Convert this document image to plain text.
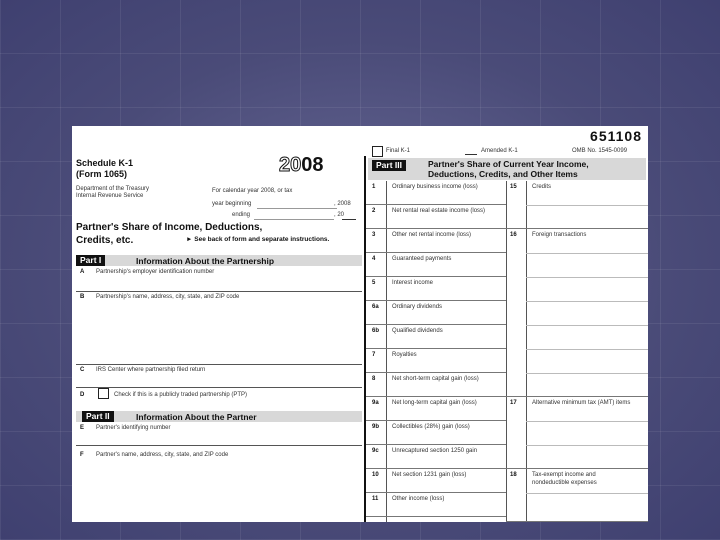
651108
Final K-1	Amended K-1	OMB No. 1545-0099
Schedule K-1
(Form 1065)	2008
Department of the Treasury
Internal Revenue Service
For calendar year 2008, or tax
year beginning	, 2008
ending	, 20
Partner's Share of Income, Deductions,
Credits, etc.	► See back of form and separate instructions.
Part I	Information About the Partnership
A Partnership's employer identification number
B Partnership's name, address, city, state, and ZIP code
C IRS Center where partnership filed return
D	Check if this is a publicly traded partnership (PTP)
Part II	Information About the Partner
E Partner's identifying number
F Partner's name, address, city, state, and ZIP code
Part III	Partner's Share of Current Year Income,
Deductions, Credits, and Other Items
1	Ordinary business income (loss)
2	Net rental real estate income (loss)
3	Other net rental income (loss)
4	Guaranteed payments
5	Interest income
6a Ordinary dividends
6b Qualified dividends
7	Royalties
8	Net short-term capital gain (loss)
9a Net long-term capital gain (loss)
9b Collectibles (28%) gain (loss)
9c Unrecaptured section 1250 gain
10 Net section 1231 gain (loss)
11 Other income (loss)
15	Credits
16	Foreign transactions
17	Alternative minimum tax (AMT) items
18	Tax-exempt income and
nondeductible expenses
